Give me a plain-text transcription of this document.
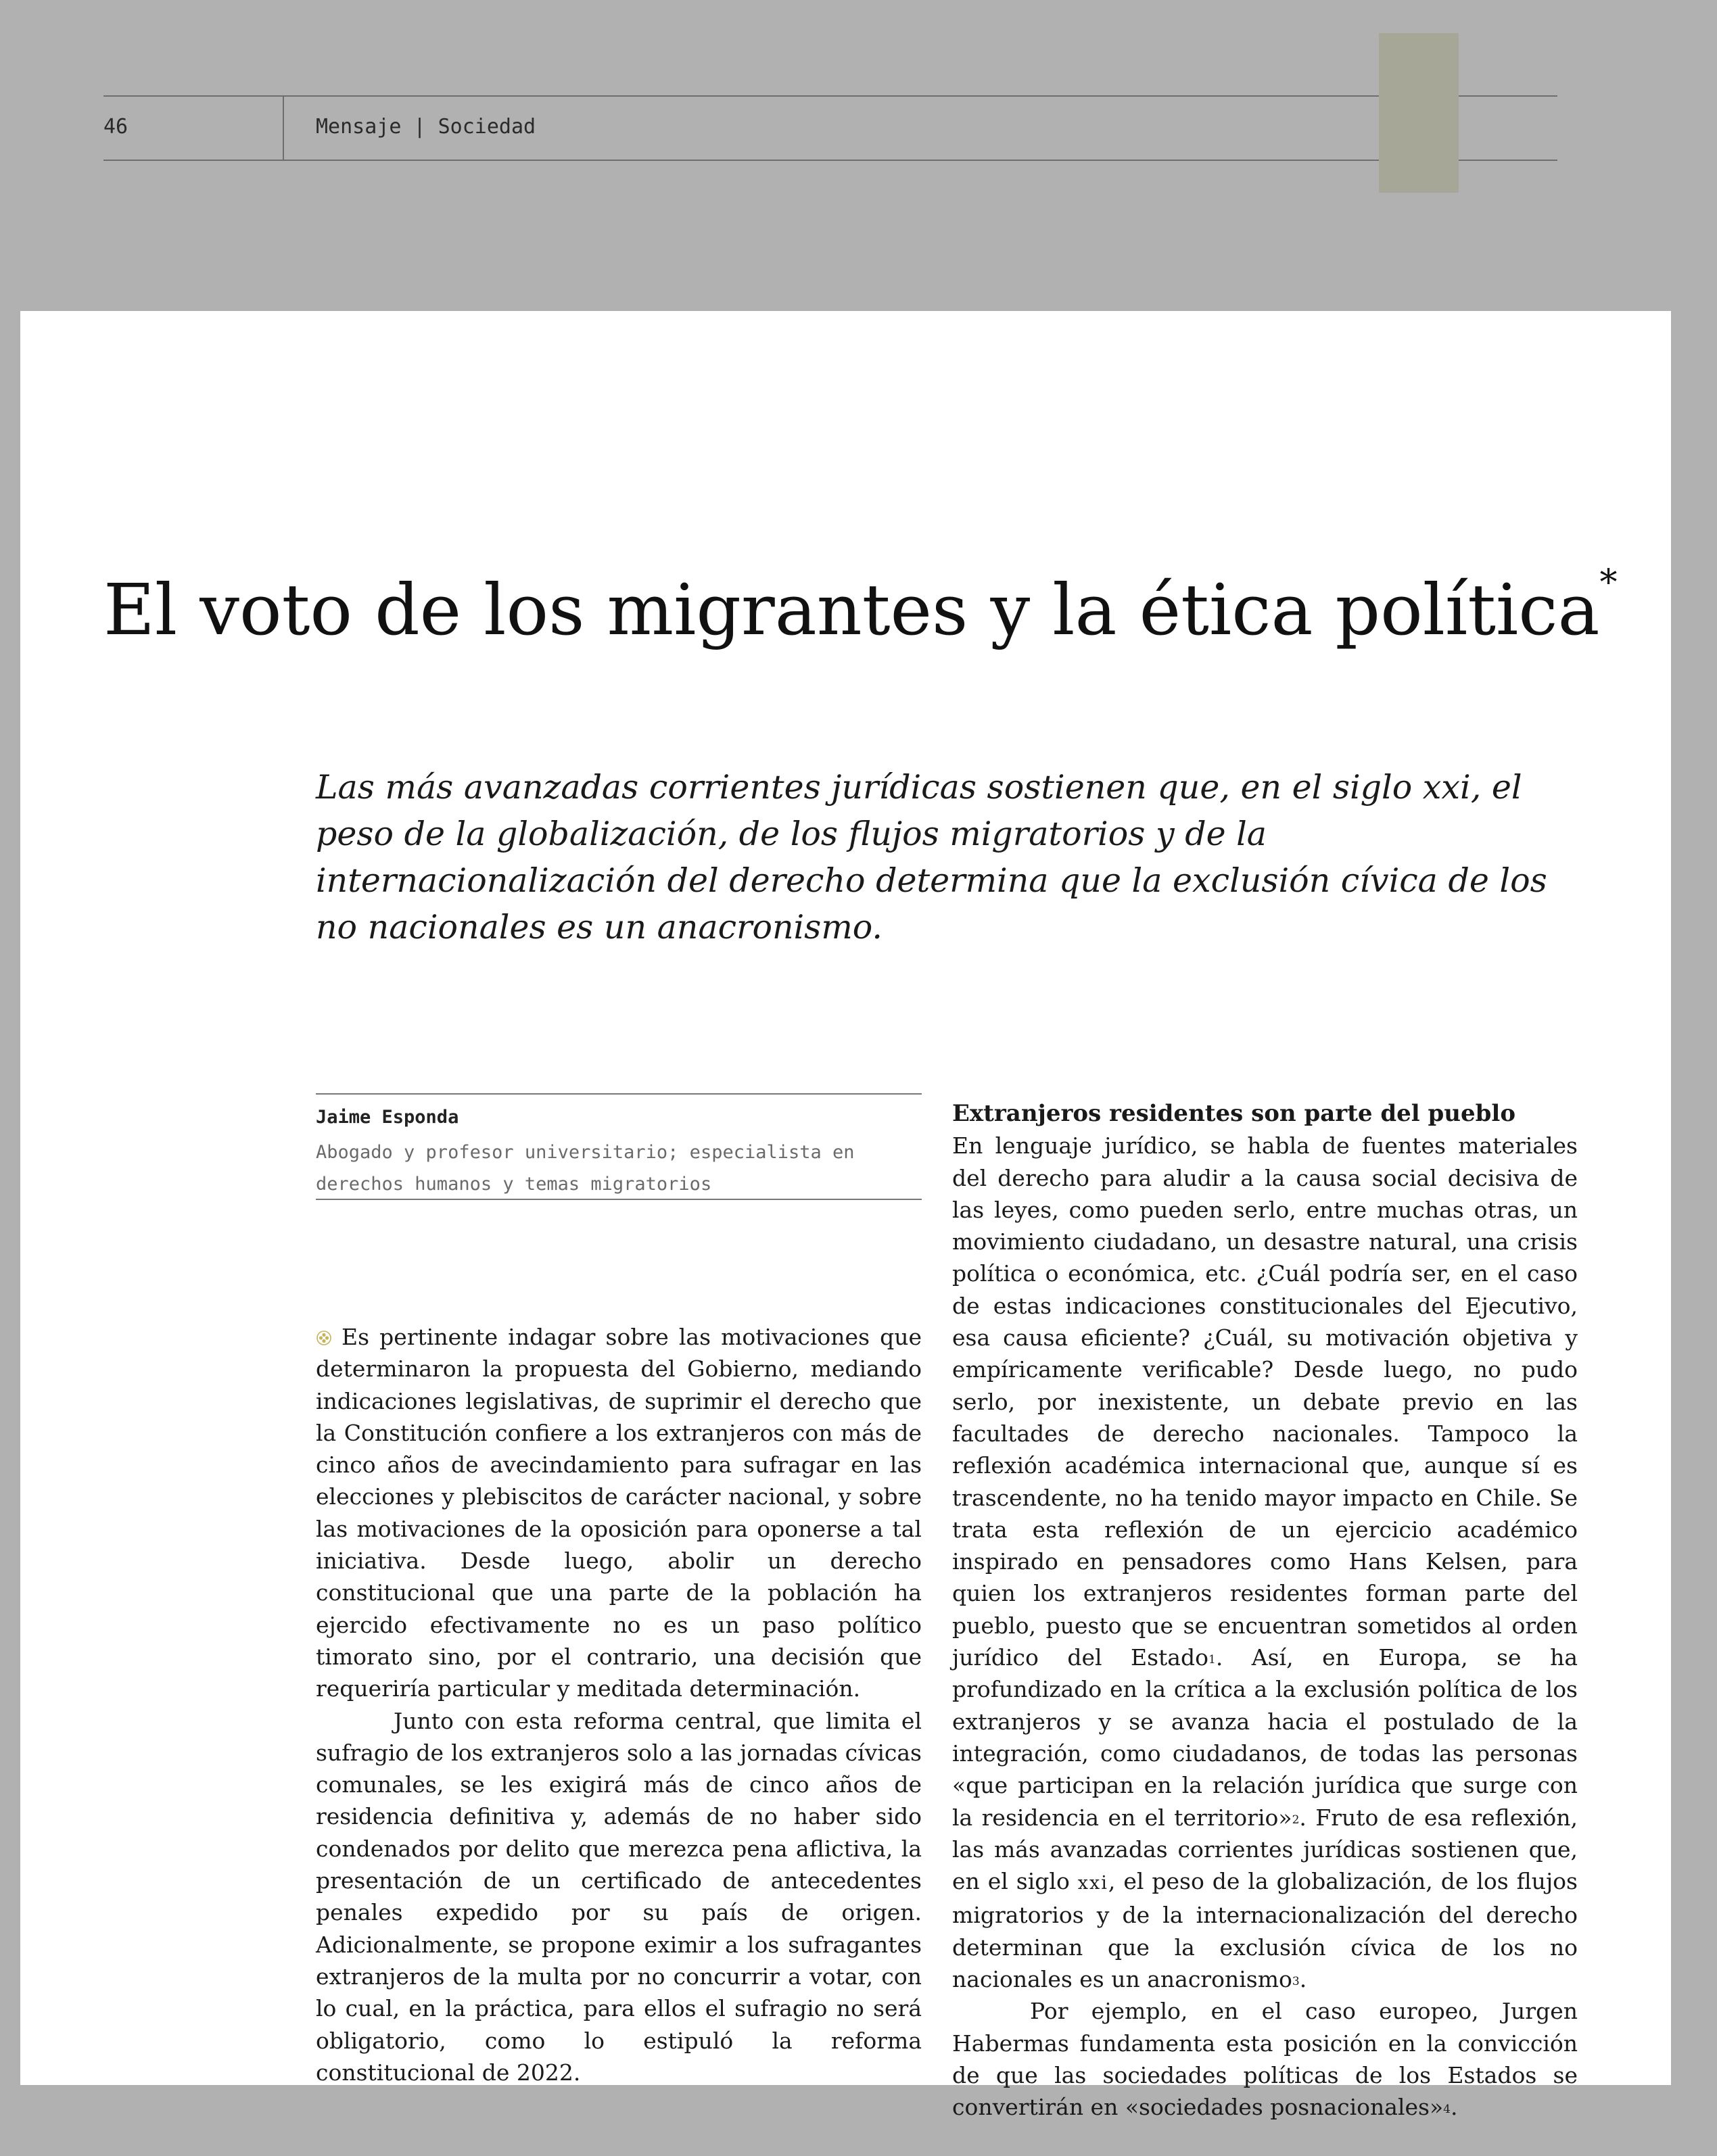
46	Mensaje | Sociedad
El voto de los migrantes y la ética política*

Las más avanzadas corrientes jurídicas sostienen que, en el siglo xxi, el peso de la globalización, de los flujos migratorios y de la internacionalización del derecho determina que la exclusión cívica de los no nacionales es un anacronismo.

Jaime Esponda

Abogado y profesor universitario; especialista en derechos humanos y temas migratorios

Es pertinente indagar sobre las motivaciones que determinaron la propuesta del Gobierno, mediando indicaciones legislativas, de suprimir el derecho que la Constitución confiere a los extranjeros con más de cinco años de avecindamiento para sufragar en las elecciones y plebiscitos de carácter nacional, y sobre las motivaciones de la oposición para oponerse a tal iniciativa. Desde luego, abolir un derecho constitucional que una parte de la población ha ejercido efectivamente no es un paso político timorato sino, por el contrario, una decisión que requeriría particular y meditada determinación.

Junto con esta reforma central, que limita el sufragio de los extranjeros solo a las jornadas cívicas comunales, se les exigirá más de cinco años de residencia definitiva y, además de no haber sido condenados por delito que merezca pena aflictiva, la presentación de un certificado de antecedentes penales expedido por su país de origen. Adicionalmente, se propone eximir a los sufragantes extranjeros de la multa por no concurrir a votar, con lo cual, en la práctica, para ellos el sufragio no será obligatorio, como lo estipuló la reforma constitucional de 2022.

Extranjeros residentes son parte del pueblo

En lenguaje jurídico, se habla de fuentes materiales del derecho para aludir a la causa social decisiva de las leyes, como pueden serlo, entre muchas otras, un movimiento ciudadano, un desastre natural, una crisis política o económica, etc. ¿Cuál podría ser, en el caso de estas indicaciones constitucionales del Ejecutivo, esa causa eficiente? ¿Cuál, su motivación objetiva y empíricamente verificable? Desde luego, no pudo serlo, por inexistente, un debate previo en las facultades de derecho nacionales. Tampoco la reflexión académica internacional que, aunque sí es trascendente, no ha tenido mayor impacto en Chile. Se trata esta reflexión de un ejercicio académico inspirado en pensadores como Hans Kelsen, para quien los extranjeros residentes forman parte del pueblo, puesto que se encuentran sometidos al orden jurídico del Estado$^1$. Así, en Europa, se ha profundizado en la crítica a la exclusión política de los extranjeros y se avanza hacia el postulado de la integración, como ciudadanos, de todas las personas «que participan en la relación jurídica que surge con la residencia en el territorio»$^2$. Fruto de esa reflexión, las más avanzadas corrientes jurídicas sostienen que, en el siglo xxi, el peso de la globalización, de los flujos migratorios y de la internacionalización del derecho determinan que la exclusión cívica de los no nacionales es un anacronismo$^3$.

Por ejemplo, en el caso europeo, Jurgen Habermas fundamenta esta posición en la convicción de que las sociedades políticas de los Estados se convertirán en «sociedades posnacionales»$^4$.
